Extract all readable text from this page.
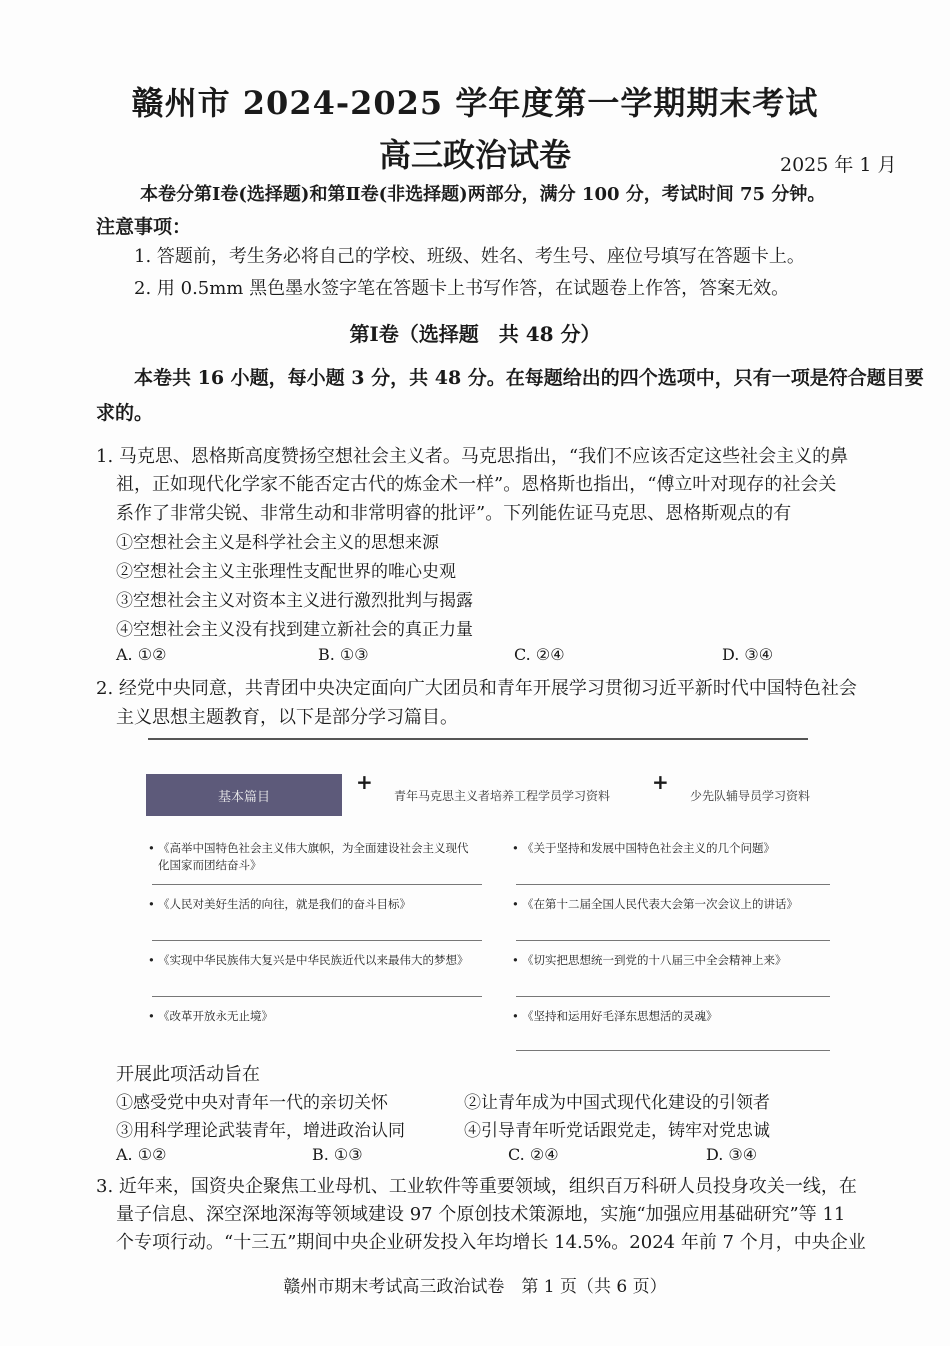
赣州市 2024-2025 学年度第一学期期末考试
高三政治试卷	2025 年 1 月
本卷分第Ⅰ卷(选择题)和第Ⅱ卷(非选择题)两部分，满分 100 分，考试时间 75 分钟。
注意事项：
1. 答题前，考生务必将自己的学校、班级、姓名、考生号、座位号填写在答题卡上。
2. 用 0.5mm 黑色墨水签字笔在答题卡上书写作答，在试题卷上作答，答案无效。
第Ⅰ卷（选择题　共 48 分）
本卷共 16 小题，每小题 3 分，共 48 分。在每题给出的四个选项中，只有一项是符合题目要
求的。
1. 马克思、恩格斯高度赞扬空想社会主义者。马克思指出，“我们不应该否定这些社会主义的鼻
祖，正如现代化学家不能否定古代的炼金术一样”。恩格斯也指出，“傅立叶对现存的社会关
系作了非常尖锐、非常生动和非常明睿的批评”。下列能佐证马克思、恩格斯观点的有
①空想社会主义是科学社会主义的思想来源
②空想社会主义主张理性支配世界的唯心史观
③空想社会主义对资本主义进行激烈批判与揭露
④空想社会主义没有找到建立新社会的真正力量
A. ①②	B. ①③	C. ②④	D. ③④
2. 经党中央同意，共青团中央决定面向广大团员和青年开展学习贯彻习近平新时代中国特色社会
主义思想主题教育，以下是部分学习篇目。
基本篇目
+
青年马克思主义者培养工程学员学习资料
+
少先队辅导员学习资料
• 《高举中国特色社会主义伟大旗帜，为全面建设社会主义现代化国家而团结奋斗》
• 《人民对美好生活的向往，就是我们的奋斗目标》
• 《实现中华民族伟大复兴是中华民族近代以来最伟大的梦想》
• 《改革开放永无止境》
• 《关于坚持和发展中国特色社会主义的几个问题》
• 《在第十二届全国人民代表大会第一次会议上的讲话》
• 《切实把思想统一到党的十八届三中全会精神上来》
• 《坚持和运用好毛泽东思想活的灵魂》
开展此项活动旨在
①感受党中央对青年一代的亲切关怀	②让青年成为中国式现代化建设的引领者
③用科学理论武装青年，增进政治认同	④引导青年听党话跟党走，铸牢对党忠诚
A. ①②	B. ①③	C. ②④	D. ③④
3. 近年来，国资央企聚焦工业母机、工业软件等重要领域，组织百万科研人员投身攻关一线，在
量子信息、深空深地深海等领域建设 97 个原创技术策源地，实施“加强应用基础研究”等 11
个专项行动。“十三五”期间中央企业研发投入年均增长 14.5%。2024 年前 7 个月，中央企业
赣州市期末考试高三政治试卷　第 1 页（共 6 页）
